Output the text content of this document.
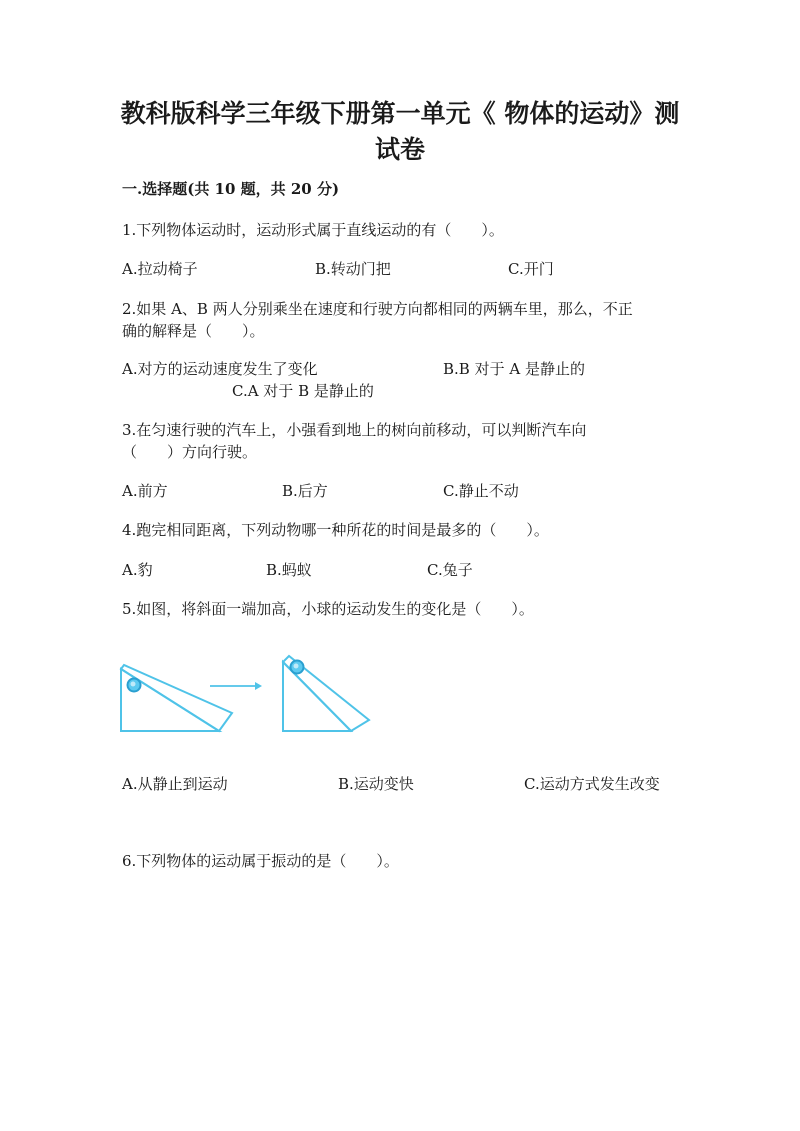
教科版科学三年级下册第一单元《 物体的运动》测
试卷
一.选择题(共 10 题，共 20 分)
1.下列物体运动时，运动形式属于直线运动的有（　　）。
A.拉动椅子	B.转动门把	C.开门
2.如果 A、B 两人分别乘坐在速度和行驶方向都相同的两辆车里，那么，不正
确的解释是（　　）。
A.对方的运动速度发生了变化	B.B 对于 A 是静止的
C.A 对于 B 是静止的
3.在匀速行驶的汽车上，小强看到地上的树向前移动，可以判断汽车向
（　　）方向行驶。
A.前方	B.后方	C.静止不动
4.跑完相同距离，下列动物哪一种所花的时间是最多的（　　）。
A.豹	B.蚂蚁	C.兔子
5.如图，将斜面一端加高，小球的运动发生的变化是（　　）。
A.从静止到运动	B.运动变快	C.运动方式发生改变
6.下列物体的运动属于振动的是（　　）。
